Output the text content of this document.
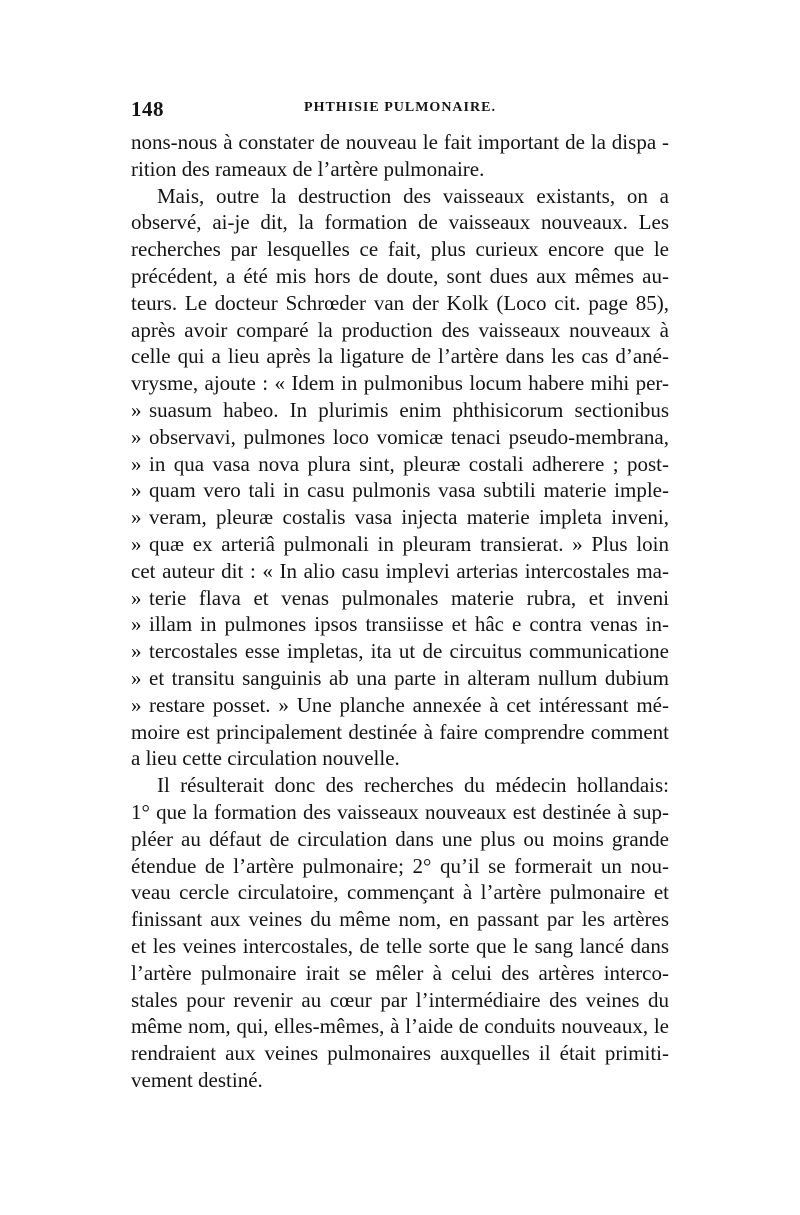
148	PHTHISIE PULMONAIRE.
nons-nous à constater de nouveau le fait important de la dispa -
rition des rameaux de l’artère pulmonaire.
Mais, outre la destruction des vaisseaux existants, on a
observé, ai-je dit, la formation de vaisseaux nouveaux. Les
recherches par lesquelles ce fait, plus curieux encore que le
précédent, a été mis hors de doute, sont dues aux mêmes au-
teurs. Le docteur Schrœder van der Kolk (Loco cit. page 85),
après avoir comparé la production des vaisseaux nouveaux à
celle qui a lieu après la ligature de l’artère dans les cas d’ané-
vrysme, ajoute : « Idem in pulmonibus locum habere mihi per-
» suasum habeo. In plurimis enim phthisicorum sectionibus
» observavi, pulmones loco vomicæ tenaci pseudo-membrana,
» in qua vasa nova plura sint, pleuræ costali adherere ; post-
» quam vero tali in casu pulmonis vasa subtili materie imple-
» veram, pleuræ costalis vasa injecta materie impleta inveni,
» quæ ex arteriâ pulmonali in pleuram transierat. » Plus loin
cet auteur dit : « In alio casu implevi arterias intercostales ma-
» terie flava et venas pulmonales materie rubra, et inveni
» illam in pulmones ipsos transiisse et hâc e contra venas in-
» tercostales esse impletas, ita ut de circuitus communicatione
» et transitu sanguinis ab una parte in alteram nullum dubium
» restare posset. » Une planche annexée à cet intéressant mé-
moire est principalement destinée à faire comprendre comment
a lieu cette circulation nouvelle.
Il résulterait donc des recherches du médecin hollandais:
1° que la formation des vaisseaux nouveaux est destinée à sup-
pléer au défaut de circulation dans une plus ou moins grande
étendue de l’artère pulmonaire; 2° qu’il se formerait un nou-
veau cercle circulatoire, commençant à l’artère pulmonaire et
finissant aux veines du même nom, en passant par les artères
et les veines intercostales, de telle sorte que le sang lancé dans
l’artère pulmonaire irait se mêler à celui des artères interco-
stales pour revenir au cœur par l’intermédiaire des veines du
même nom, qui, elles-mêmes, à l’aide de conduits nouveaux, le
rendraient aux veines pulmonaires auxquelles il était primiti-
vement destiné.
